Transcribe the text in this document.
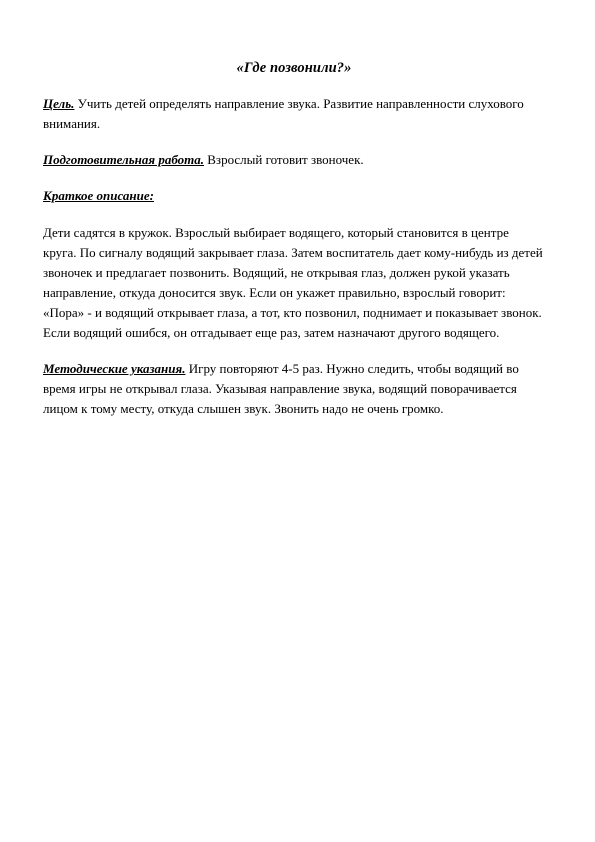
«Где позвонили?»

Цель. Учить детей определять направление звука. Развитие направленности слухового внимания.

Подготовительная работа. Взрослый готовит звоночек.

Краткое описание:

Дети садятся в кружок. Взрослый выбирает водящего, который становится в центре круга. По сигналу водящий закрывает глаза. Затем воспитатель дает кому-нибудь из детей звоночек и предлагает позвонить. Водящий, не открывая глаз, должен рукой указать направление, откуда доносится звук. Если он укажет правильно, взрослый говорит: «Пора» - и водящий открывает глаза, а тот, кто позвонил, поднимает и показывает звонок. Если водящий ошибся, он отгадывает еще раз, затем назначают другого водящего.

Методические указания. Игру повторяют 4-5 раз. Нужно следить, чтобы водящий во время игры не открывал глаза. Указывая направление звука, водящий поворачивается лицом к тому месту, откуда слышен звук. Звонить надо не очень громко.
